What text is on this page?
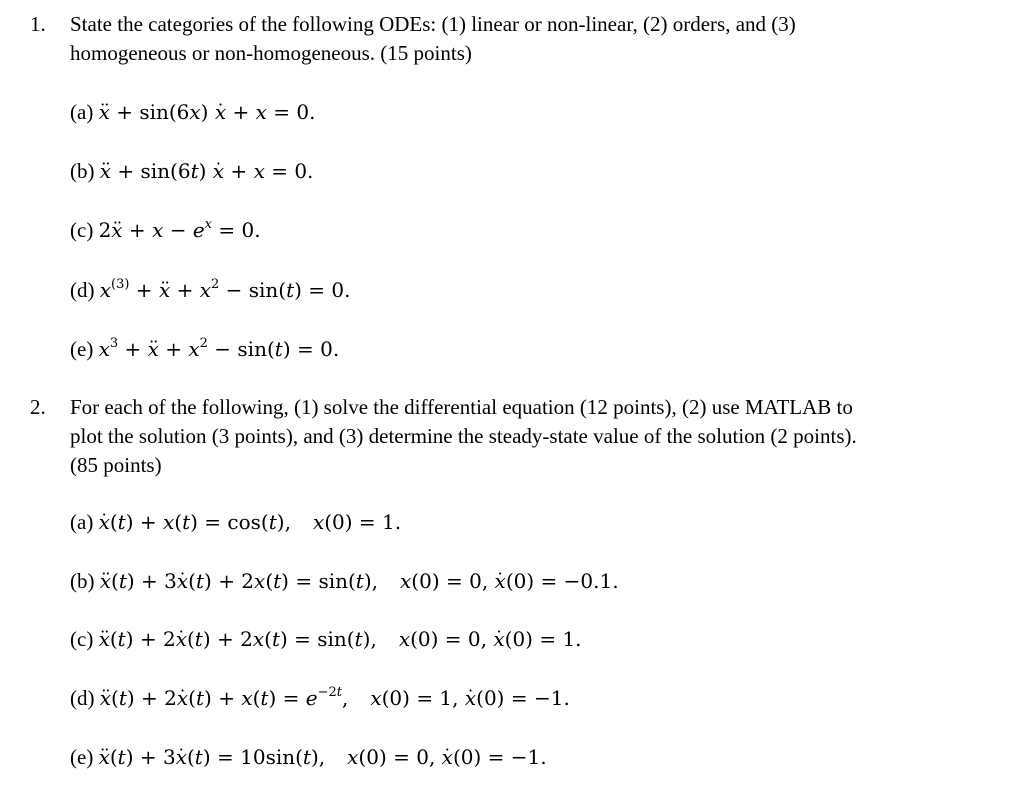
1. State the categories of the following ODEs: (1) linear or non-linear, (2) orders, and (3)
homogeneous or non-homogeneous. (15 points)
(a) x ·· + sin(6x) x · + x = 0.
(b) x ·· + sin(6t) x · + x = 0.
(c) 2x ·· + $x - e^x = 0$.
(d) $x^{(3)} + x$ ·· + $x^2 - \sin(t) = 0$.
(e) $x^3 + x$ ·· + $x^2 - \sin(t) = 0$.
2. For each of the following, (1) solve the differential equation (12 points), (2) use MATLAB to
plot the solution (3 points), and (3) determine the steady-state value of the solution (2 points).
(85 points)
(a) x ·(t) + x(t) = cos(t), x(0) = 1.
(b) x ··(t) + 3x ·(t) + 2x(t) = sin(t), x(0) = 0, x ·(0) = −0.1.
(c) x ··(t) + 2x ·(t) + 2x(t) = sin(t), x(0) = 0, x ·(0) = 1.
(d) $x \cdot\cdot(t) + 2x \cdot(t) + x(t) = e^{-2t}$, x(0) = 1, x ·(0) = −1.
(e) x ··(t) + 3x ·(t) = 10sin(t), x(0) = 0, x ·(0) = −1.
